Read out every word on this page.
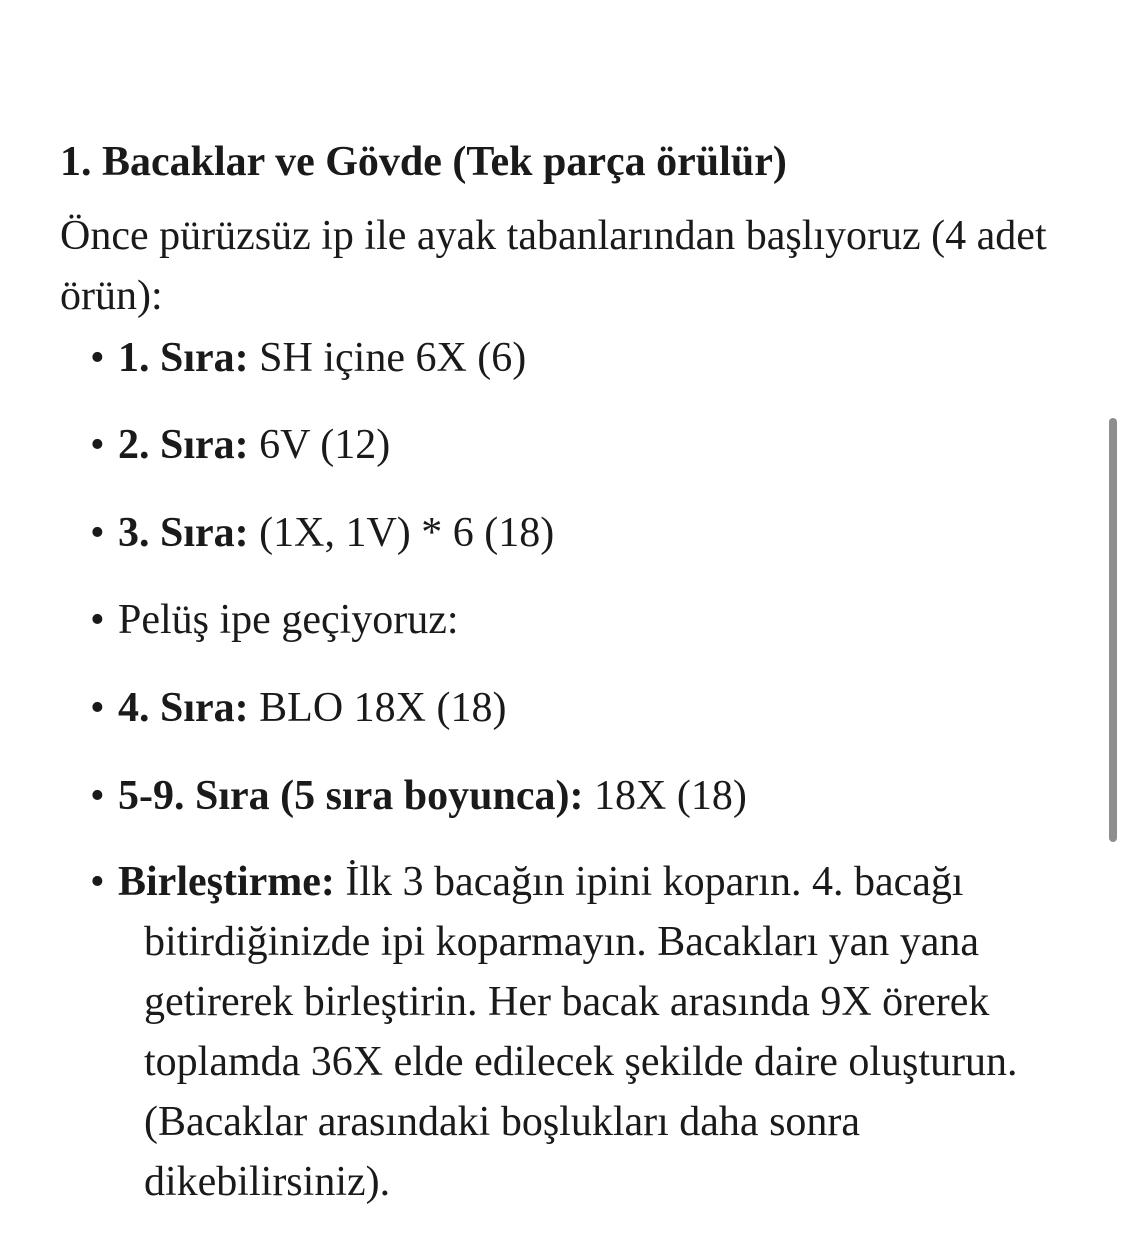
1. Bacaklar ve Gövde (Tek parça örülür)

Önce pürüzsüz ip ile ayak tabanlarından başlıyoruz (4 adet örün):

• 1. Sıra: SH içine 6X (6)
• 2. Sıra: 6V (12)
• 3. Sıra: (1X, 1V) * 6 (18)
• Pelüş ipe geçiyoruz:
• 4. Sıra: BLO 18X (18)
• 5-9. Sıra (5 sıra boyunca): 18X (18)
• Birleştirme: İlk 3 bacağın ipini koparın. 4. bacağı bitirdiğinizde ipi koparmayın. Bacakları yan yana getirerek birleştirin. Her bacak arasında 9X örerek toplamda 36X elde edilecek şekilde daire oluşturun. (Bacaklar arasındaki boşlukları daha sonra dikebilirsiniz).
